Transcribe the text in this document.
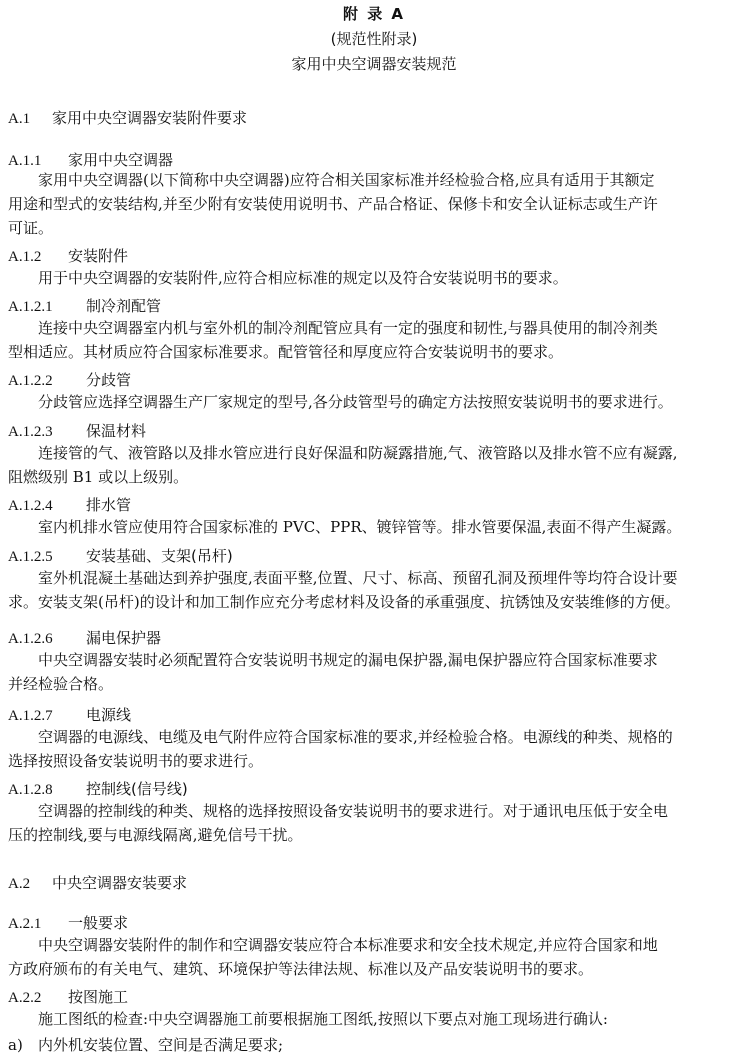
附 录 A
(规范性附录)
家用中央空调器安装规范
A.1 家用中央空调器安装附件要求
A.1.1 家用中央空调器
家用中央空调器(以下简称中央空调器)应符合相关国家标准并经检验合格,应具有适用于其额定
用途和型式的安装结构,并至少附有安装使用说明书、产品合格证、保修卡和安全认证标志或生产许
可证。
A.1.2 安装附件
用于中央空调器的安装附件,应符合相应标准的规定以及符合安装说明书的要求。
A.1.2.1 制冷剂配管
连接中央空调器室内机与室外机的制冷剂配管应具有一定的强度和韧性,与器具使用的制冷剂类
型相适应。其材质应符合国家标准要求。配管管径和厚度应符合安装说明书的要求。
A.1.2.2 分歧管
分歧管应选择空调器生产厂家规定的型号,各分歧管型号的确定方法按照安装说明书的要求进行。
A.1.2.3 保温材料
连接管的气、液管路以及排水管应进行良好保温和防凝露措施,气、液管路以及排水管不应有凝露,
阻燃级别 B1 或以上级别。
A.1.2.4 排水管
室内机排水管应使用符合国家标准的 PVC、PPR、镀锌管等。排水管要保温,表面不得产生凝露。
A.1.2.5 安装基础、支架(吊杆)
室外机混凝土基础达到养护强度,表面平整,位置、尺寸、标高、预留孔洞及预埋件等均符合设计要
求。安装支架(吊杆)的设计和加工制作应充分考虑材料及设备的承重强度、抗锈蚀及安装维修的方便。
A.1.2.6 漏电保护器
中央空调器安装时必须配置符合安装说明书规定的漏电保护器,漏电保护器应符合国家标准要求
并经检验合格。
A.1.2.7 电源线
空调器的电源线、电缆及电气附件应符合国家标准的要求,并经检验合格。电源线的种类、规格的
选择按照设备安装说明书的要求进行。
A.1.2.8 控制线(信号线)
空调器的控制线的种类、规格的选择按照设备安装说明书的要求进行。对于通讯电压低于安全电
压的控制线,要与电源线隔离,避免信号干扰。
A.2 中央空调器安装要求
A.2.1 一般要求
中央空调器安装附件的制作和空调器安装应符合本标准要求和安全技术规定,并应符合国家和地
方政府颁布的有关电气、建筑、环境保护等法律法规、标准以及产品安装说明书的要求。
A.2.2 按图施工
施工图纸的检查:中央空调器施工前要根据施工图纸,按照以下要点对施工现场进行确认:
a) 内外机安装位置、空间是否满足要求;
